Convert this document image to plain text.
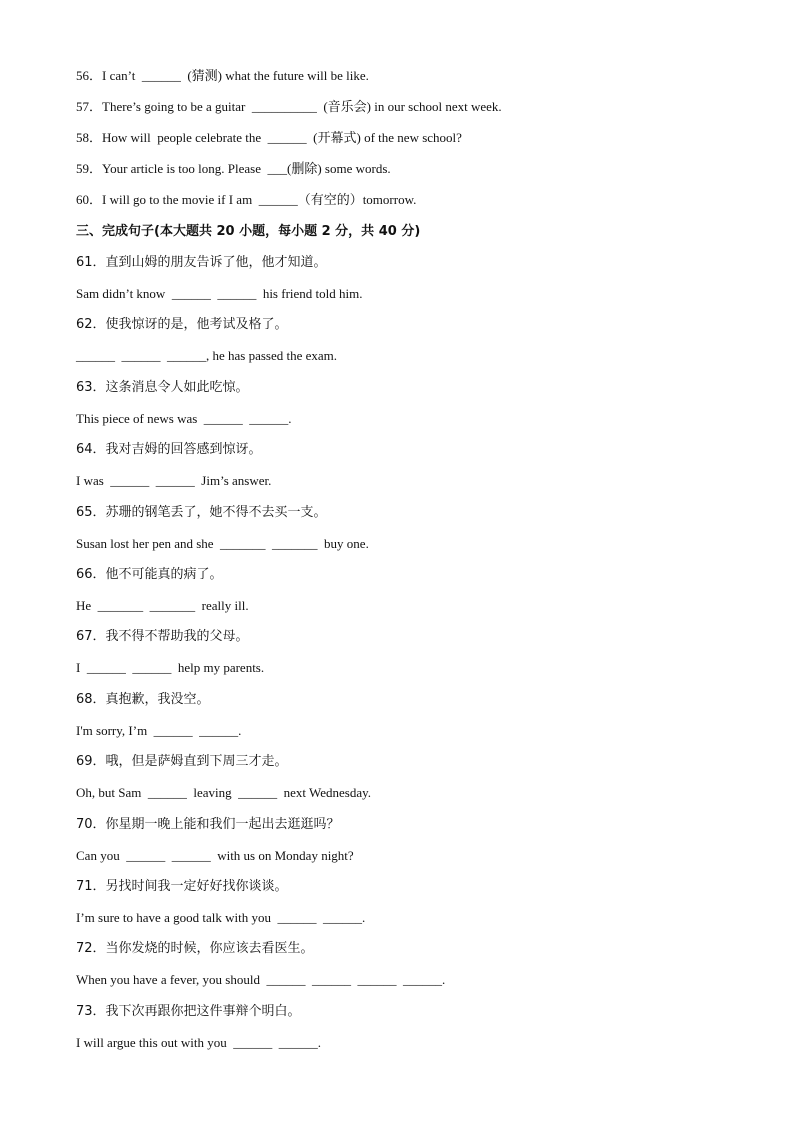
56．I can’t  ______  (猜测) what the future will be like.
57．There’s going to be a guitar  __________  (音乐会) in our school next week.
58．How will  people celebrate the  ______  (开幕式) of the new school?
59．Your article is too long. Please  ___(删除) some words.
60．I will go to the movie if I am  ______（有空的）tomorrow.
三、完成句子(本大题共 20 小题，每小题 2 分，共 40 分)
61．直到山姆的朋友告诉了他，他才知道。
Sam didn’t know  ______  ______  his friend told him.
62．使我惊讶的是，他考试及格了。
______  ______  ______, he has passed the exam.
63．这条消息令人如此吃惊。
This piece of news was  ______  ______.
64．我对吉姆的回答感到惊讶。
I was  ______  ______  Jim’s answer.
65．苏珊的钢笔丢了，她不得不去买一支。
Susan lost her pen and she  _______  _______  buy one.
66．他不可能真的病了。
He  _______  _______  really ill.
67．我不得不帮助我的父母。
I  ______  ______  help my parents.
68．真抱歉，我没空。
I'm sorry, I’m  ______  ______.
69．哦，但是萨姆直到下周三才走。
Oh, but Sam  ______  leaving  ______  next Wednesday.
70．你星期一晚上能和我们一起出去逛逛吗？
Can you  ______  ______  with us on Monday night?
71．另找时间我一定好好找你谈谈。
I’m sure to have a good talk with you  ______  ______.
72．当你发烧的时候，你应该去看医生。
When you have a fever, you should  ______  ______  ______  ______.
73．我下次再跟你把这件事辩个明白。
I will argue this out with you  ______  ______.
